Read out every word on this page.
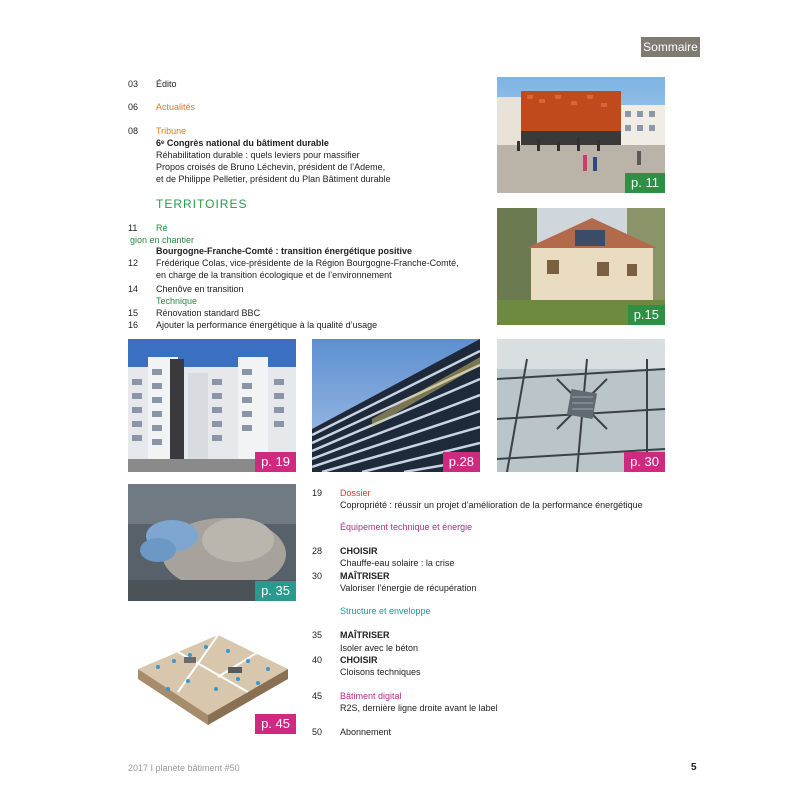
Sommaire
03 Édito
06 Actualités
08 Tribune
6ᵉ Congrès national du bâtiment durable
Réhabilitation durable : quels leviers pour massifier
Propos croisés de Bruno Léchevin, président de l’Ademe,
et de Philippe Pelletier, président du Plan Bâtiment durable
TERRITOIRES
11 Ré
gion en chantier
Bourgogne-Franche-Comté : transition énergétique positive
12 Frédérique Colas, vice-présidente de la Région Bourgogne-Franche-Comté,
en charge de la transition écologique et de l’environnement
14 Chenôve en transition
Technique
15 Rénovation standard BBC
16 Ajouter la performance énergétique à la qualité d’usage
p. 11
p.15
p. 19	p.28	p. 30
p. 35
p. 45
19 Dossier
Copropriété : réussir un projet d’amélioration de la performance énergétique
Équipement technique et énergie
28 CHOISIR
Chauffe-eau solaire : la crise
30 MAÎTRISER
Valoriser l’énergie de récupération
Structure et enveloppe
35 MAÎTRISER
Isoler avec le béton
40 CHOISIR
Cloisons techniques
45 Bâtiment digital
R2S, dernière ligne droite avant le label
50 Abonnement
2017 I planète bâtiment #50	5
